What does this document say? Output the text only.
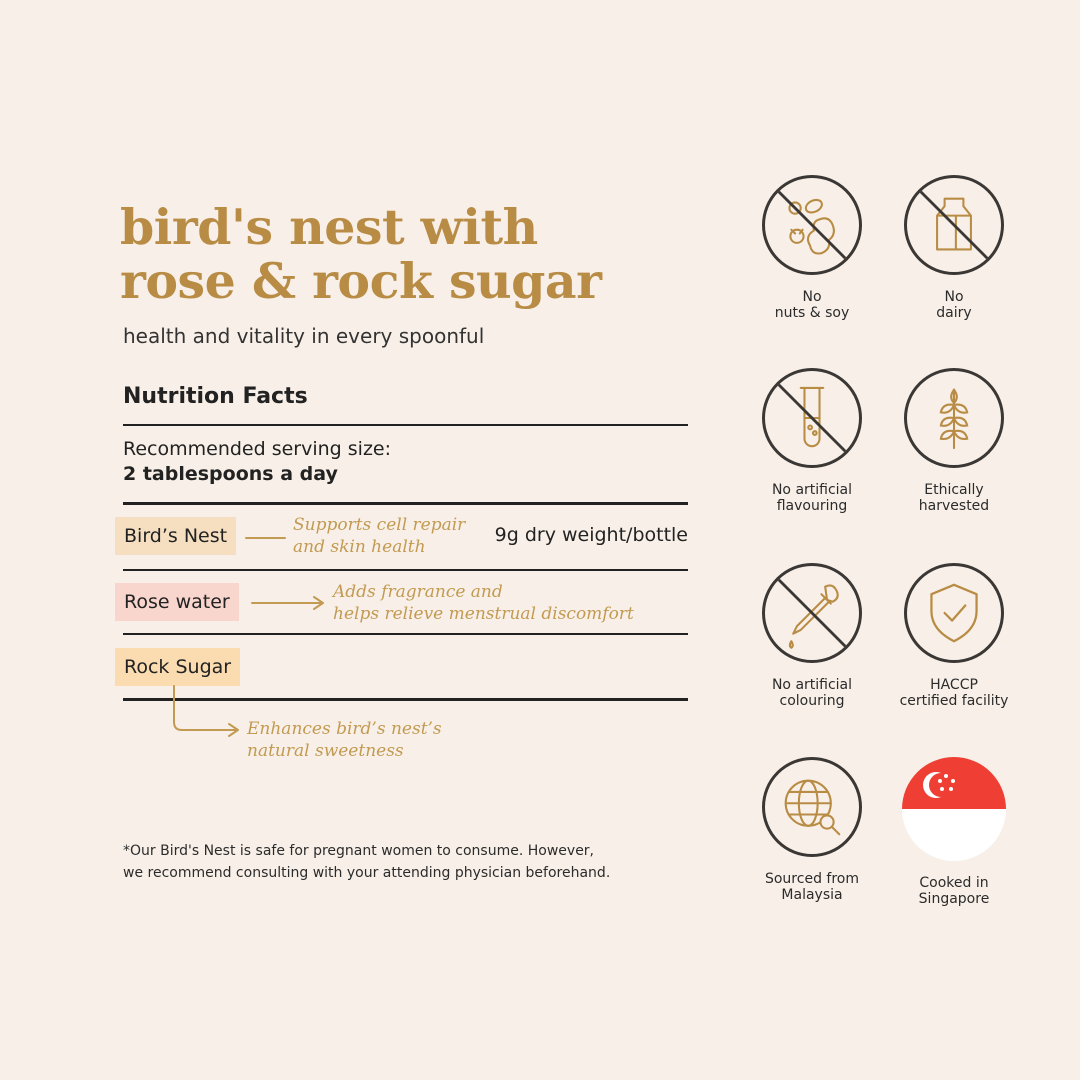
bird's nest with
rose & rock sugar
health and vitality in every spoonful
Nutrition Facts
Recommended serving size:
2 tablespoons a day
Bird’s Nest	Supports cell repair
and skin health
9g dry weight/bottle
Rose water	Adds fragrance and
helps relieve menstrual discomfort
Rock Sugar
Enhances bird’s nest’s
natural sweetness
*Our Bird's Nest is safe for pregnant women to consume. However,
we recommend consulting with your attending physician beforehand.
No
nuts & soy
No
dairy
No artificial
flavouring
Ethically
harvested
No artificial
colouring
HACCP
certified facility
Sourced from
Malaysia
Cooked in
Singapore
